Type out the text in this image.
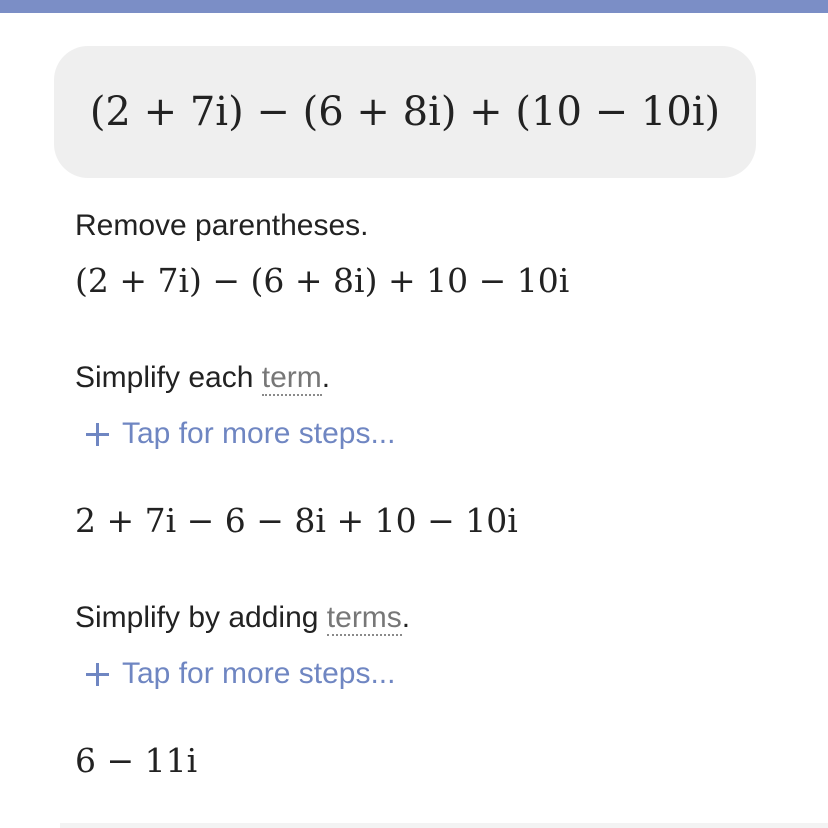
(2 + 7i) − (6 + 8i) + (10 − 10i)
Remove parentheses.
(2 + 7i) − (6 + 8i) + 10 − 10i
Simplify each term.
Tap for more steps...
2 + 7i − 6 − 8i + 10 − 10i
Simplify by adding terms.
Tap for more steps...
6 − 11i
